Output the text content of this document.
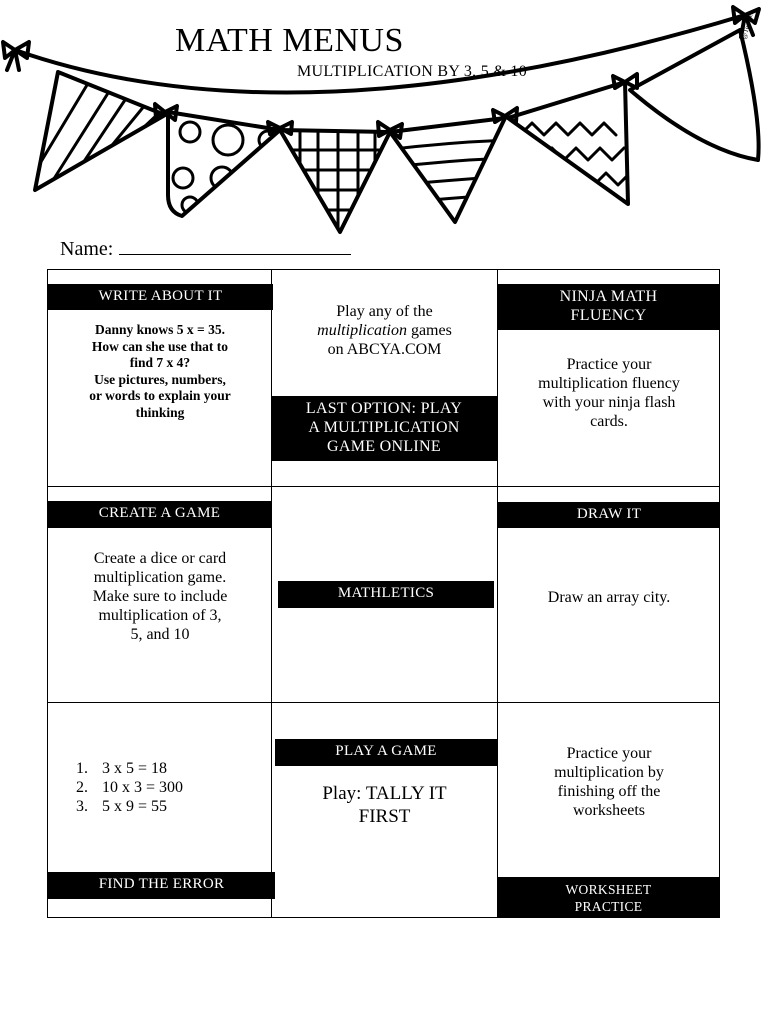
MATH MENUS
MULTIPLICATION BY 3, 5 & 10
@Teacher
Name:
WRITE ABOUT IT
Danny knows 5 x = 35.
How can she use that to
find 7 x 4?
Use pictures, numbers,
or words to explain your
thinking
Play any of the
multiplication games
on ABCYA.COM
LAST OPTION: PLAY
A MULTIPLICATION
GAME ONLINE
NINJA MATH
FLUENCY
Practice your
multiplication fluency
with your ninja flash
cards.
CREATE A GAME
Create a dice or card
multiplication game.
Make sure to include
multiplication of 3,
5, and 10
MATHLETICS
DRAW IT
Draw an array city.
1. 3 x 5 = 18
2. 10 x 3 = 300
3. 5 x 9 = 55
FIND THE ERROR
PLAY A GAME
Play: TALLY IT
FIRST
Practice your
multiplication by
finishing off the
worksheets
WORKSHEET
PRACTICE
